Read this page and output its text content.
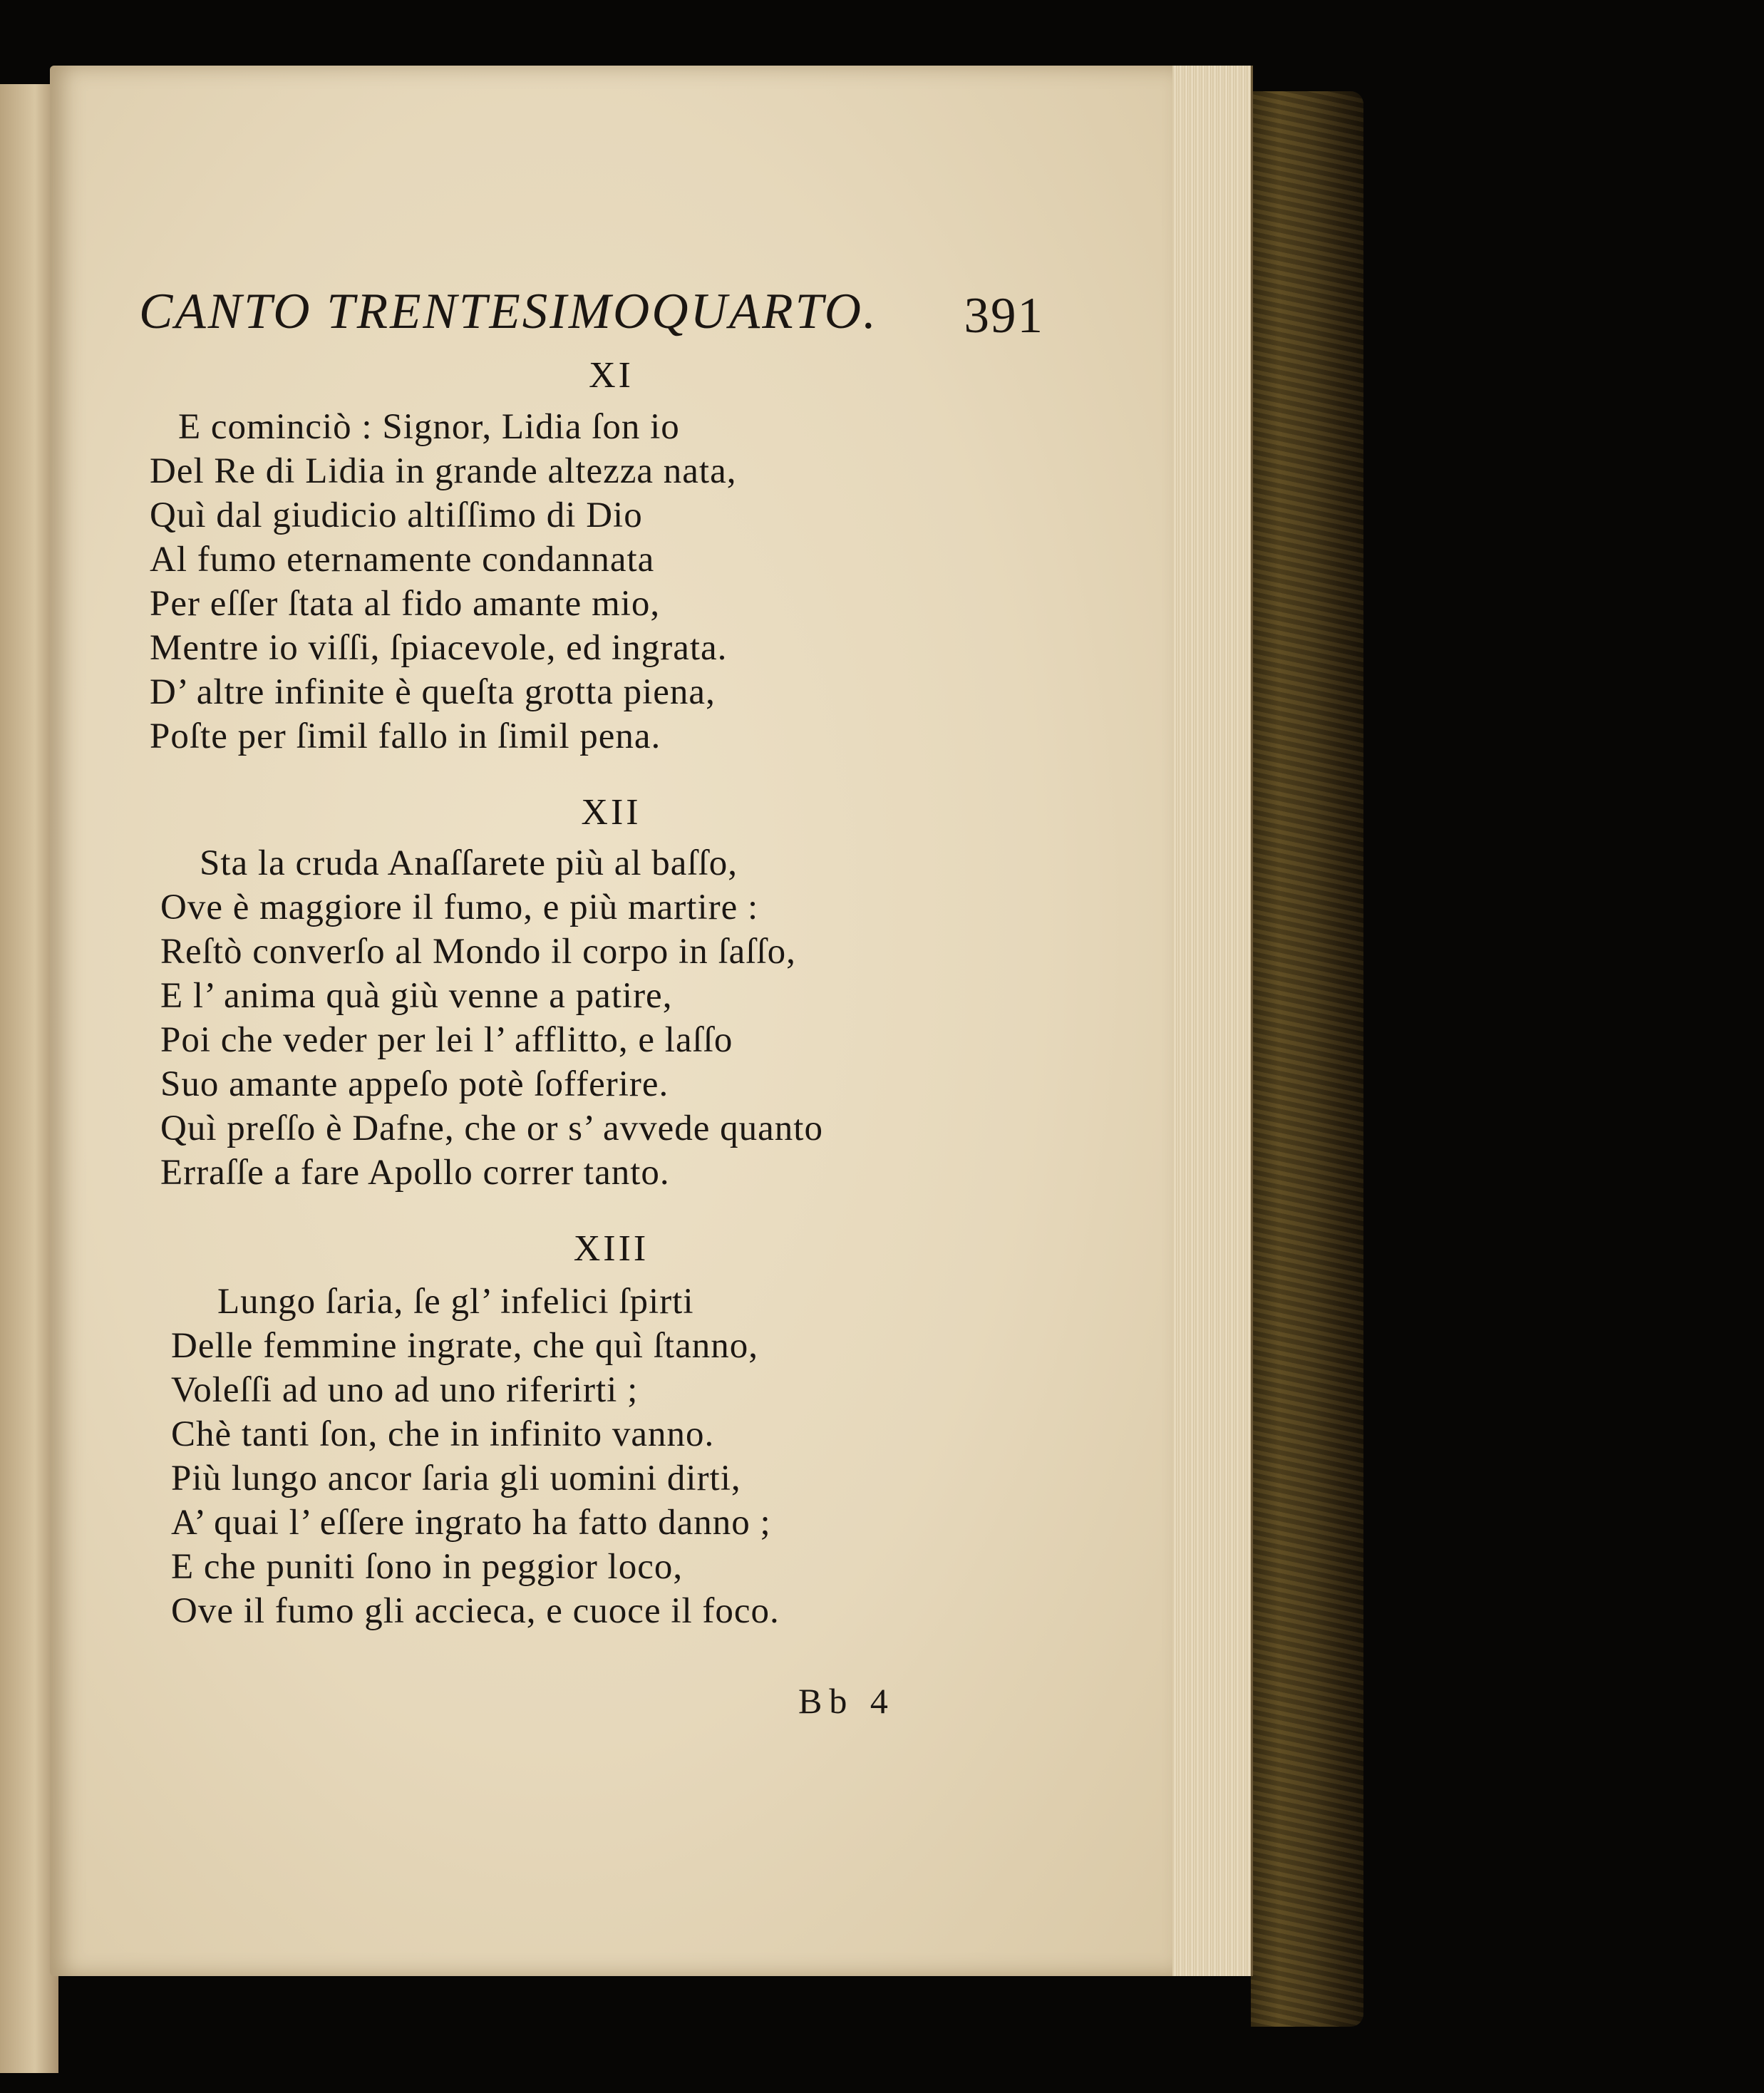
CANTO TRENTESIMOQUARTO. 391
XI
E cominciò : Signor, Lidia ſon io
Del Re di Lidia in grande altezza nata,
Quì dal giudicio altiſſimo di Dio
Al fumo eternamente condannata
Per eſſer ſtata al fido amante mio,
Mentre io viſſi, ſpiacevole, ed ingrata.
D’ altre infinite è queſta grotta piena,
Poſte per ſimil fallo in ſimil pena.
XII
Sta la cruda Anaſſarete più al baſſo,
Ove è maggiore il fumo, e più martire :
Reſtò converſo al Mondo il corpo in ſaſſo,
E l’ anima quà giù venne a patire,
Poi che veder per lei l’ afflitto, e laſſo
Suo amante appeſo potè ſofferire.
Quì preſſo è Dafne, che or s’ avvede quanto
Erraſſe a fare Apollo correr tanto.
XIII
Lungo ſaria, ſe gl’ infelici ſpirti
Delle femmine ingrate, che quì ſtanno,
Voleſſi ad uno ad uno riferirti ;
Chè tanti ſon, che in infinito vanno.
Più lungo ancor ſaria gli uomini dirti,
A’ quai l’ eſſere ingrato ha fatto danno ;
E che puniti ſono in peggior loco,
Ove il fumo gli accieca, e cuoce il foco.
Bb 4
